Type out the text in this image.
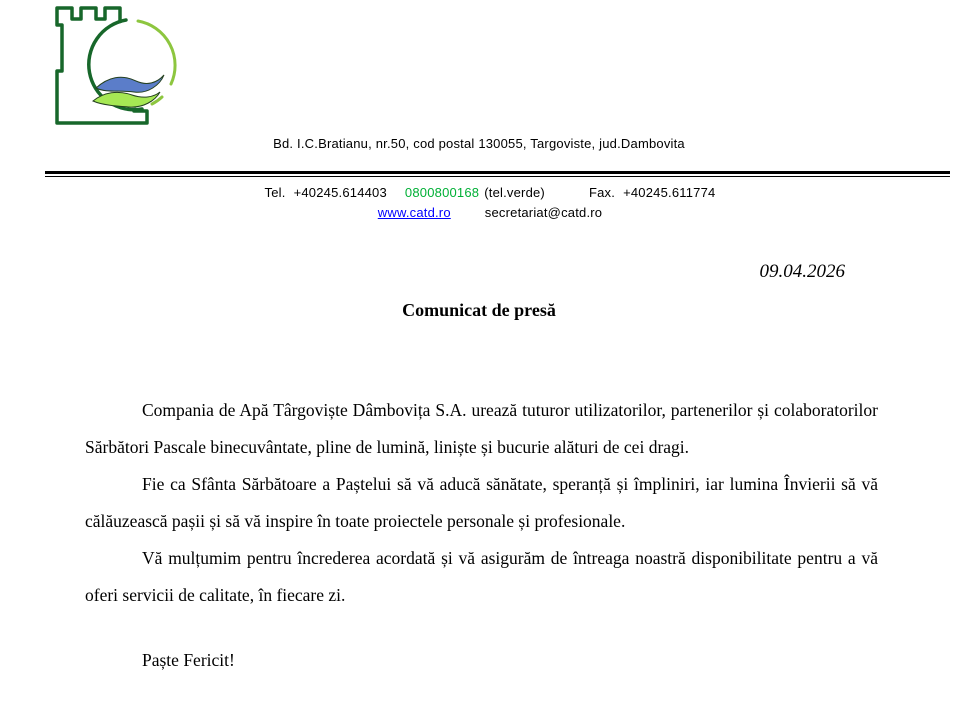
Bd. I.C.Bratianu, nr.50, cod postal 130055, Targoviste, jud.Dambovita
Tel. +40245.614403 0800800168 (tel.verde)	Fax. +40245.611774
www.catd.ro	secretariat@catd.ro
09.04.2026
Comunicat de presă

Compania de Apă Târgoviște Dâmbovița S.A. urează tuturor utilizatorilor, partenerilor și colaboratorilor Sărbători Pascale binecuvântate, pline de lumină, liniște și bucurie alături de cei dragi.

Fie ca Sfânta Sărbătoare a Paștelui să vă aducă sănătate, speranță și împliniri, iar lumina Învierii să vă călăuzească pașii și să vă inspire în toate proiectele personale și profesionale.

Vă mulțumim pentru încrederea acordată și vă asigurăm de întreaga noastră disponibilitate pentru a vă oferi servicii de calitate, în fiecare zi.

Paște Fericit!
